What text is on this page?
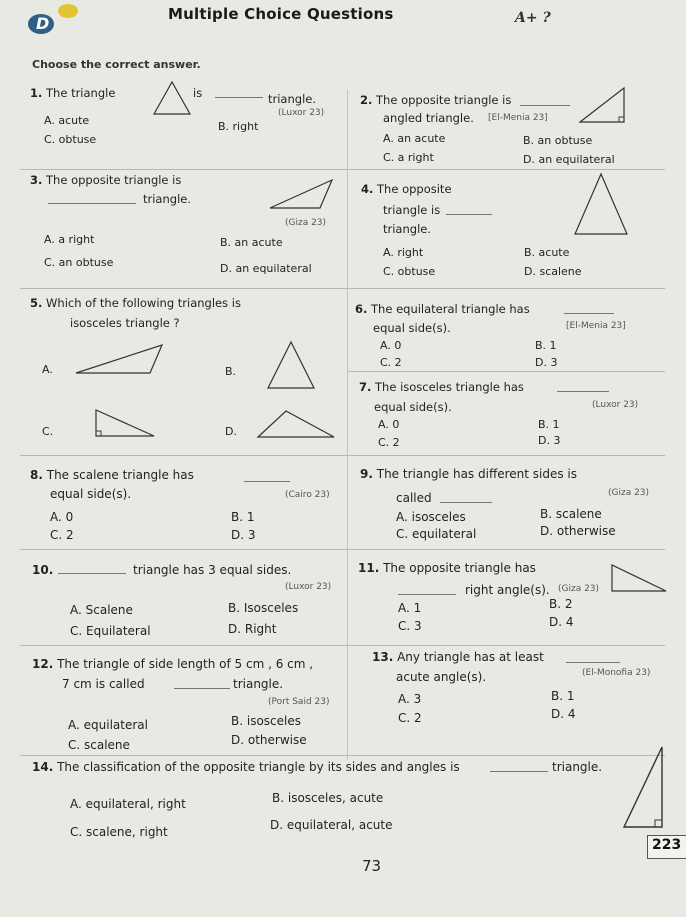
D	Multiple Choice Questions	A+ ?
Choose the correct answer.
1. The triangle	is	triangle.
(Luxor 23)
A. acute	B. right
C. obtuse
2. The opposite triangle is
angled triangle. [El-Menia 23]
A. an acute	B. an obtuse
C. a right	D. an equilateral
3. The opposite triangle is
triangle.
(Giza 23)
A. a right	B. an acute
C. an obtuse	D. an equilateral
4. The opposite
triangle is
triangle.
A. right	B. acute
C. obtuse	D. scalene
5. Which of the following triangles is
isosceles triangle ?
A.	B.
C.	D.
6. The equilateral triangle has
equal side(s).	[El-Menia 23]
A. 0	B. 1
C. 2	D. 3
7. The isosceles triangle has
equal side(s).	(Luxor 23)
A. 0	B. 1
C. 2	D. 3
8. The scalene triangle has
equal side(s).	(Cairo 23)
A. 0	B. 1
C. 2	D. 3
9. The triangle has different sides is
called	(Giza 23)
A. isosceles	B. scalene
C. equilateral	D. otherwise
10.	triangle has 3 equal sides.
(Luxor 23)
A. Scalene	B. Isosceles
C. Equilateral	D. Right
11. The opposite triangle has
right angle(s). (Giza 23)
A. 1	B. 2
C. 3	D. 4
12. The triangle of side length of 5 cm , 6 cm ,
7 cm is called	triangle.
(Port Said 23)
A. equilateral	B. isosceles
C. scalene	D. otherwise
13. Any triangle has at least
acute angle(s).	(El-Monofia 23)
A. 3	B. 1
C. 2	D. 4
14. The classification of the opposite triangle by its sides and angles is	triangle.
A. equilateral, right	B. isosceles, acute
C. scalene, right	D. equilateral, acute
223
73
